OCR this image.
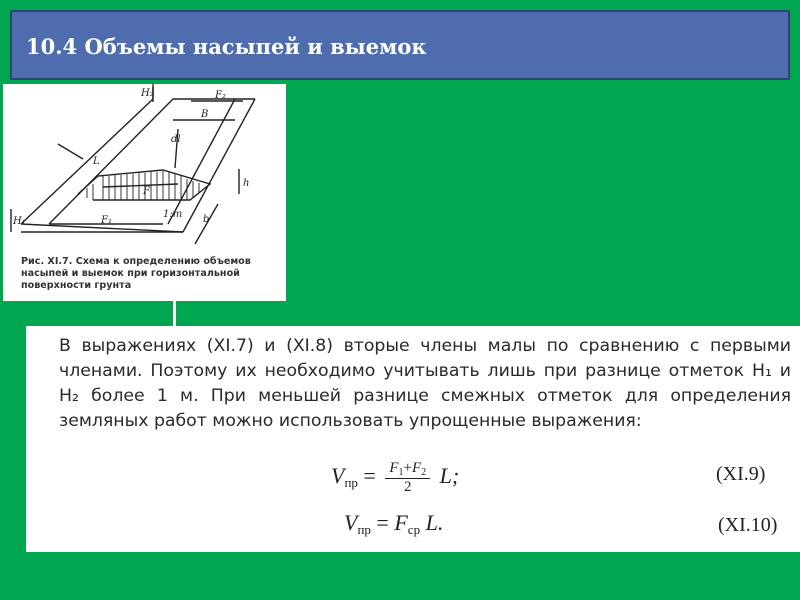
10.4 Объемы насыпей и выемок
H₂	F₂
B
dl
L
F
H₁	F₁
1:m b
h
Рис. XI.7. Схема к определению объемов насыпей и выемок при горизонтальной поверхности грунта
В выражениях (XI.7) и (XI.8) вторые члены малы по сравнению с первыми членами. Поэтому их необходимо учитывать лишь при разнице отметок H₁ и H₂ более 1 м. При меньшей разнице смежных отметок для определения земляных работ можно использовать упрощенные выражения:
$V_{пр} = \frac{F_1+F_2}{2} L$;	(XI.9)
$V_{пр} = F_{ср}$ L.	(XI.10)
